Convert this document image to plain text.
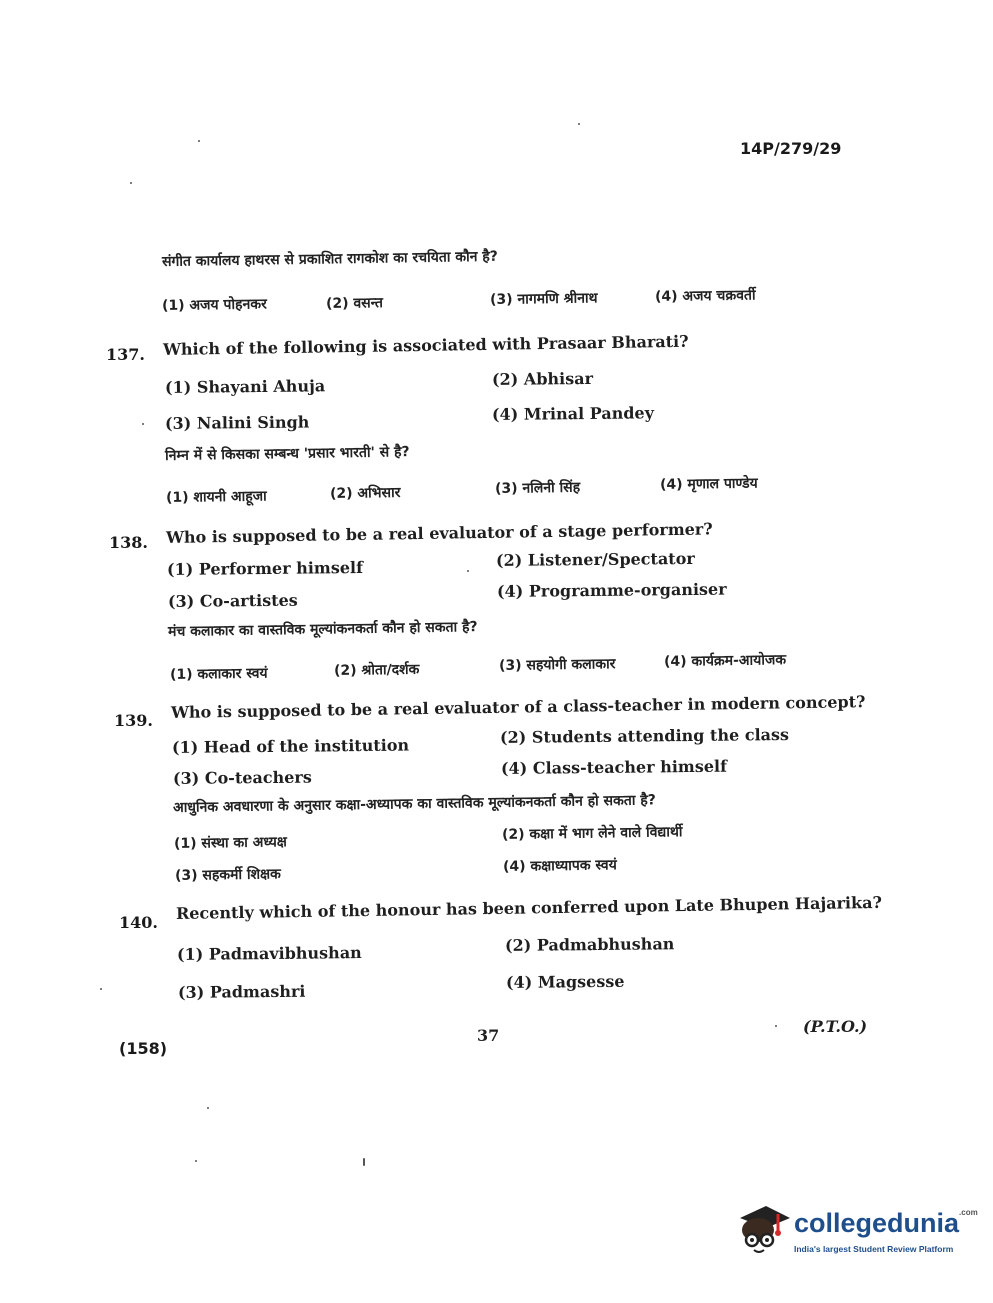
14P/279/29
संगीत कार्यालय हाथरस से प्रकाशित रागकोश का रचयिता कौन है?
(1) अजय पोहनकर	(2) वसन्त	(3) नागमणि श्रीनाथ	(4) अजय चक्रवर्ती
137. Which of the following is associated with Prasaar Bharati?
(1) Shayani Ahuja	(2) Abhisar
(3) Nalini Singh	(4) Mrinal Pandey
निम्न में से किसका सम्बन्ध 'प्रसार भारती' से है?
(1) शायनी आहूजा	(2) अभिसार	(3) नलिनी सिंह	(4) मृणाल पाण्डेय
138. Who is supposed to be a real evaluator of a stage performer?
(1) Performer himself	(2) Listener/Spectator
(3) Co-artistes	(4) Programme-organiser
मंच कलाकार का वास्तविक मूल्यांकनकर्ता कौन हो सकता है?
(1) कलाकार स्वयं	(2) श्रोता/दर्शक	(3) सहयोगी कलाकार	(4) कार्यक्रम-आयोजक
139. Who is supposed to be a real evaluator of a class-teacher in modern concept?
(1) Head of the institution	(2) Students attending the class
(3) Co-teachers	(4) Class-teacher himself
आधुनिक अवधारणा के अनुसार कक्षा-अध्यापक का वास्तविक मूल्यांकनकर्ता कौन हो सकता है?
(1) संस्था का अध्यक्ष
(2) कक्षा में भाग लेने वाले विद्यार्थी
(3) सहकर्मी शिक्षक
(4) कक्षाध्यापक स्वयं
140. Recently which of the honour has been conferred upon Late Bhupen Hajarika?
(1) Padmavibhushan	(2) Padmabhushan
(3) Padmashri	(4) Magsesse
37	(P.T.O.)
(158)
collegedunia$^{.com}$
India's largest Student Review Platform
